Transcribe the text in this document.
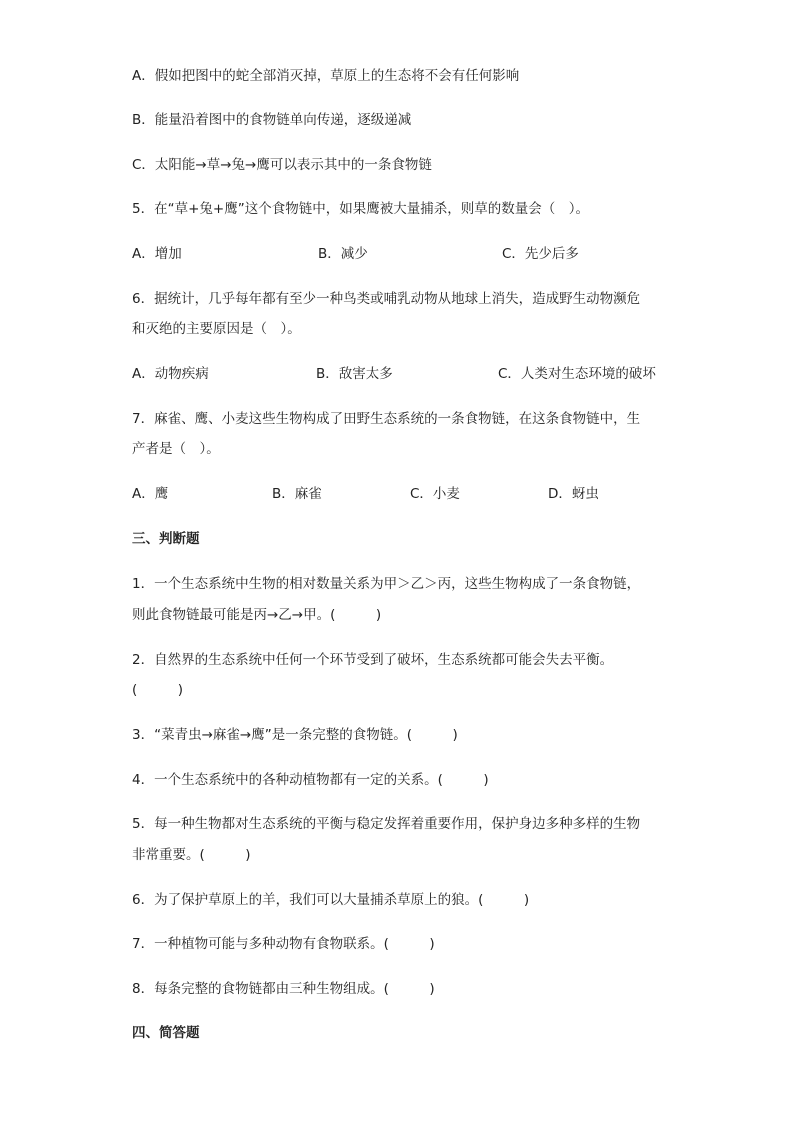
A．假如把图中的蛇全部消灭掉，草原上的生态将不会有任何影响
B．能量沿着图中的食物链单向传递，逐级递减
C．太阳能→草→兔→鹰可以表示其中的一条食物链
5．在“草+兔+鹰”这个食物链中，如果鹰被大量捕杀，则草的数量会（　）。
A．增加	B．减少	C．先少后多
6．据统计，几乎每年都有至少一种鸟类或哺乳动物从地球上消失，造成野生动物濒危
和灭绝的主要原因是（　）。
A．动物疾病	B．敌害太多	C．人类对生态环境的破坏
7．麻雀、鹰、小麦这些生物构成了田野生态系统的一条食物链，在这条食物链中，生
产者是（　）。
A．鹰	B．麻雀	C．小麦	D．蚜虫
三、判断题
1．一个生态系统中生物的相对数量关系为甲＞乙＞丙，这些生物构成了一条食物链，
则此食物链最可能是丙→乙→甲。(　　　)
2．自然界的生态系统中任何一个环节受到了破坏，生态系统都可能会失去平衡。
(　　　)
3．“菜青虫→麻雀→鹰”是一条完整的食物链。(　　　)
4．一个生态系统中的各种动植物都有一定的关系。(　　　)
5．每一种生物都对生态系统的平衡与稳定发挥着重要作用，保护身边多种多样的生物
非常重要。(　　　)
6．为了保护草原上的羊，我们可以大量捕杀草原上的狼。(　　　)
7．一种植物可能与多种动物有食物联系。(　　　)
8．每条完整的食物链都由三种生物组成。(　　　)
四、简答题
